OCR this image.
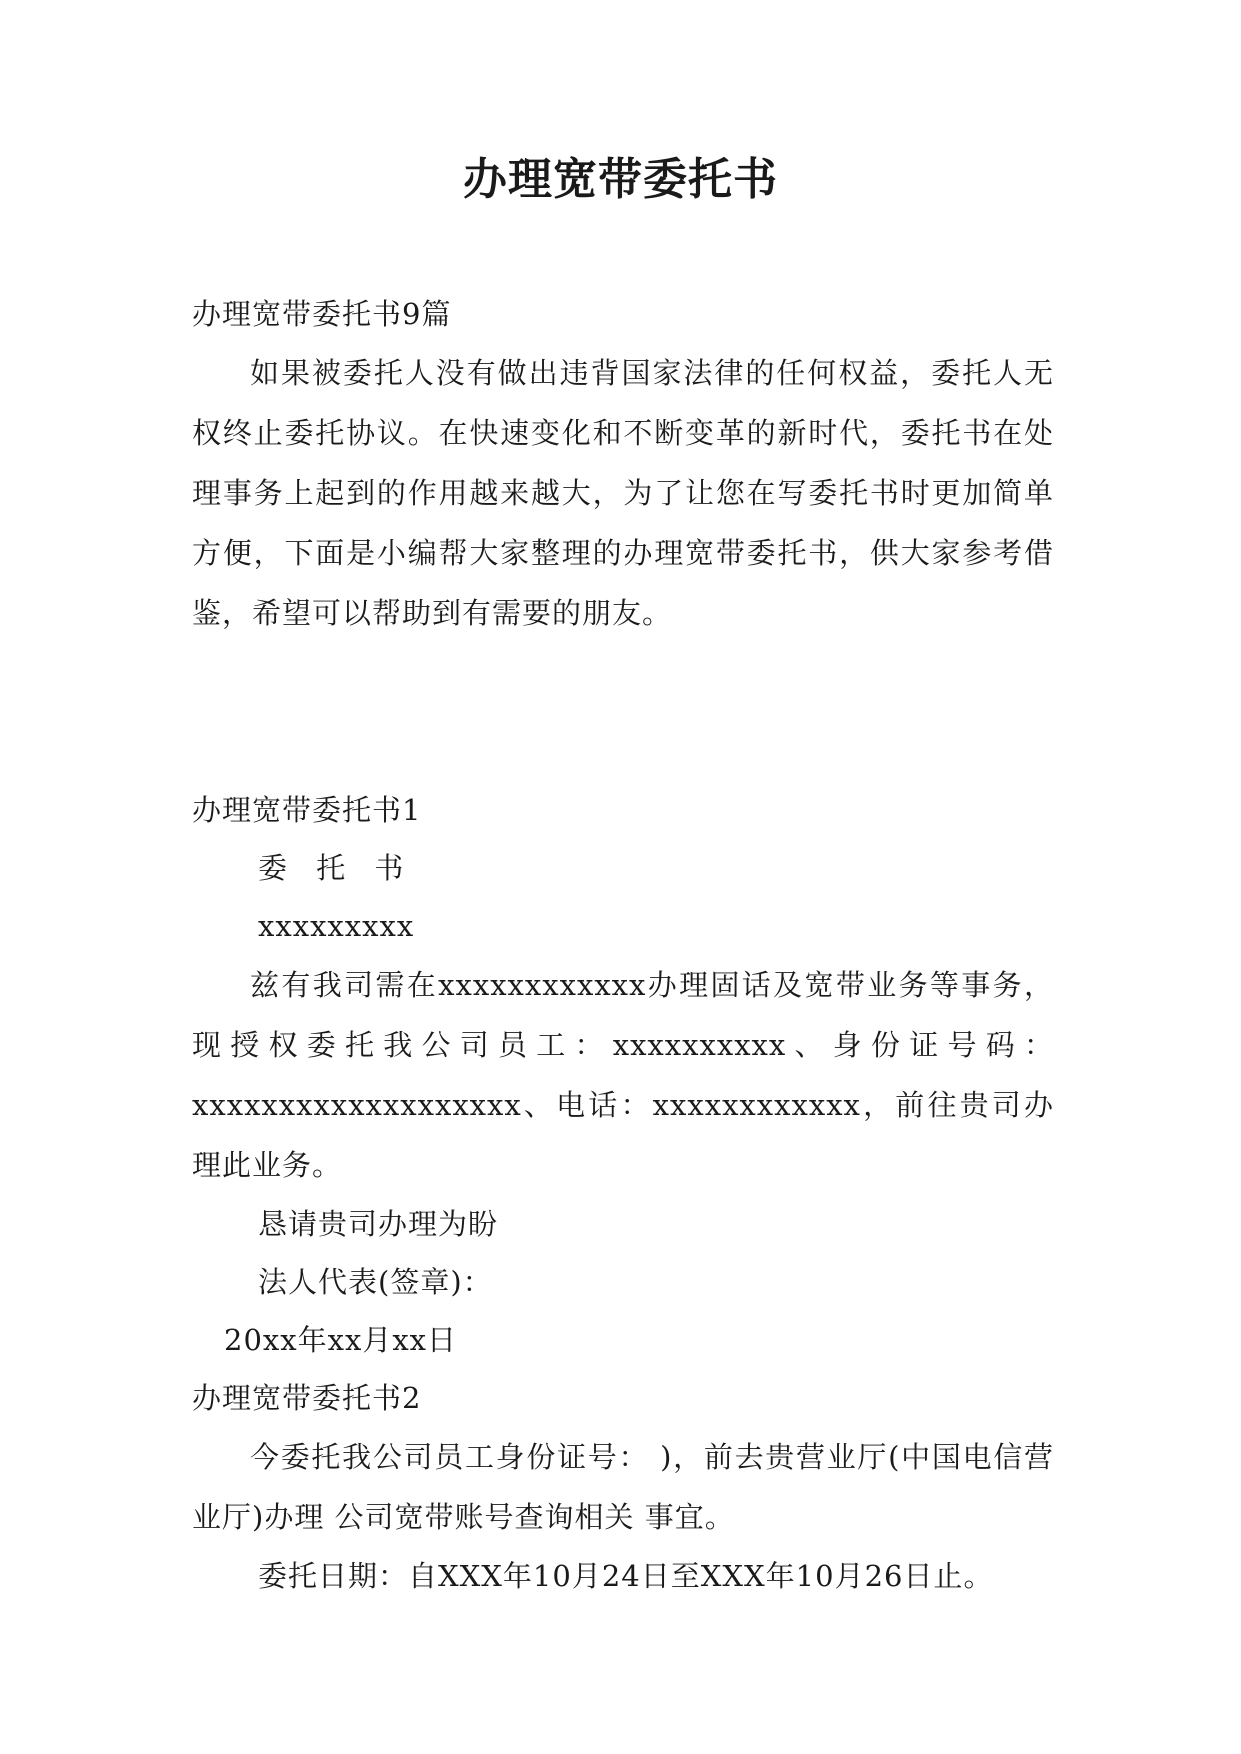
办理宽带委托书
办理宽带委托书9篇

如果被委托人没有做出违背国家法律的任何权益，委托人无权终止委托协议。在快速变化和不断变革的新时代，委托书在处理事务上起到的作用越来越大，为了让您在写委托书时更加简单方便，下面是小编帮大家整理的办理宽带委托书，供大家参考借鉴，希望可以帮助到有需要的朋友。

办理宽带委托书1
委 托 书
xxxxxxxxx

兹有我司需在xxxxxxxxxxxx办理固话及宽带业务等事务，现授权委托我公司员工：xxxxxxxxxx、身份证号码：xxxxxxxxxxxxxxxxxxx、电话：xxxxxxxxxxxx，前往贵司办理此业务。

恳请贵司办理为盼
法人代表(签章)：
20xx年xx月xx日
办理宽带委托书2

今委托我公司员工身份证号： )，前去贵营业厅(中国电信营业厅)办理 公司宽带账号查询相关 事宜。

委托日期：自XXX年10月24日至XXX年10月26日止。
